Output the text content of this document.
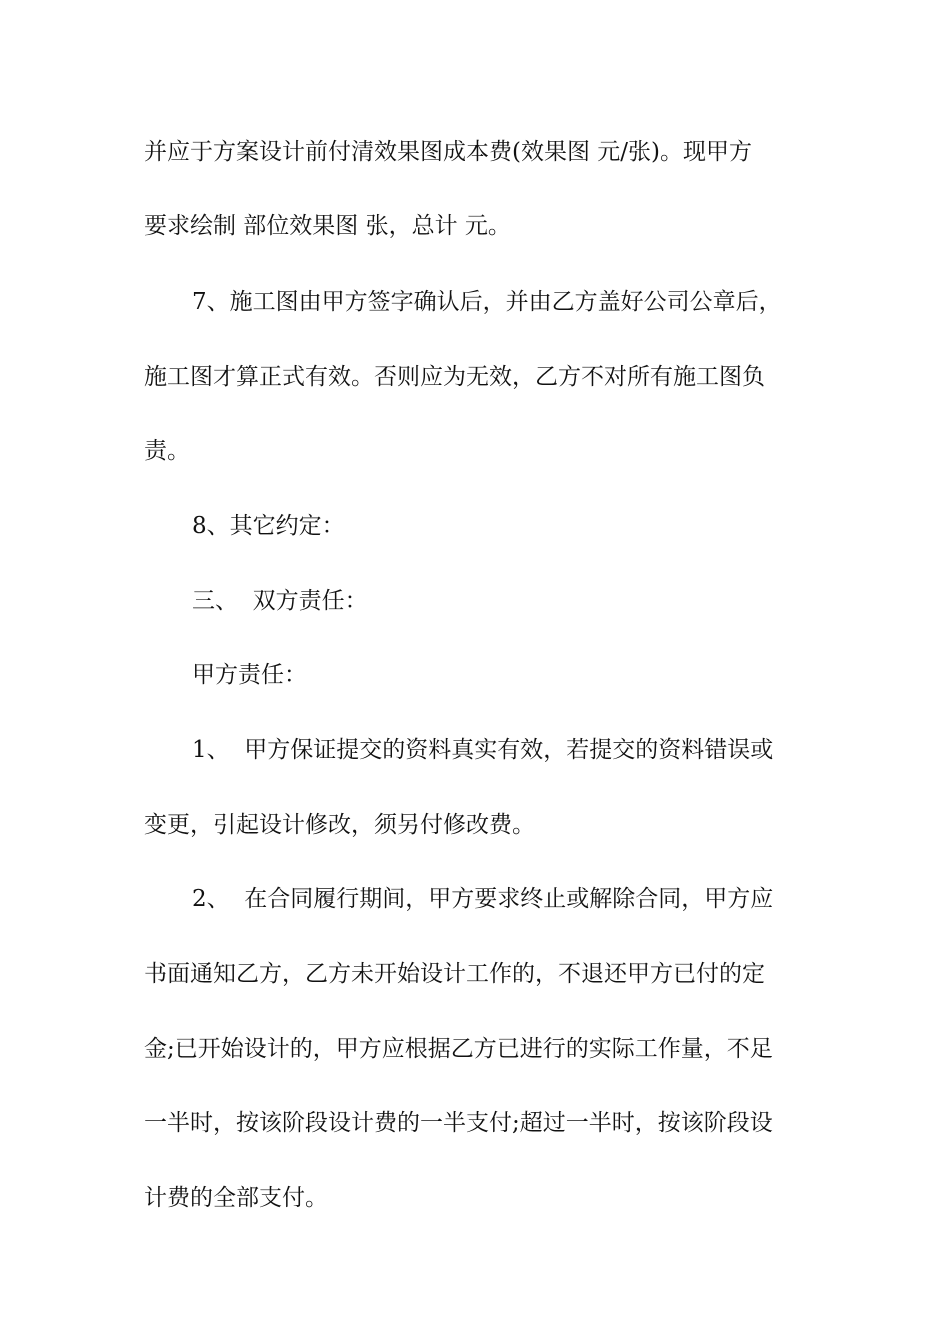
并应于方案设计前付清效果图成本费(效果图 元/张)。现甲方
要求绘制 部位效果图 张，总计 元。
7、施工图由甲方签字确认后，并由乙方盖好公司公章后，
施工图才算正式有效。否则应为无效，乙方不对所有施工图负
责。
8、其它约定：
三、  双方责任：
甲方责任：
1、  甲方保证提交的资料真实有效，若提交的资料错误或
变更，引起设计修改，须另付修改费。
2、  在合同履行期间，甲方要求终止或解除合同，甲方应
书面通知乙方，乙方未开始设计工作的，不退还甲方已付的定
金;已开始设计的，甲方应根据乙方已进行的实际工作量，不足
一半时，按该阶段设计费的一半支付;超过一半时，按该阶段设
计费的全部支付。
